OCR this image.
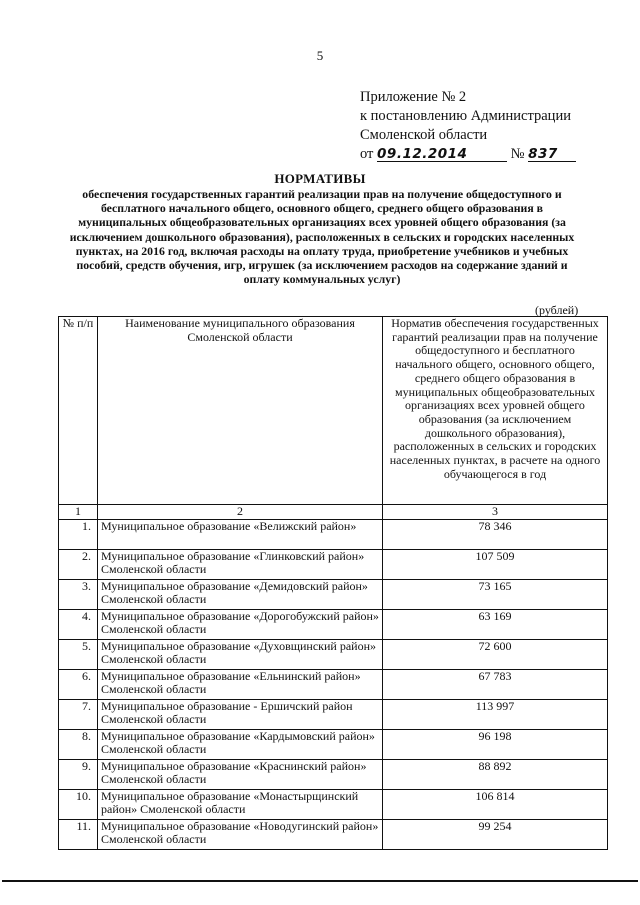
5
Приложение № 2
к постановлению Администрации
Смоленской области
от 09.12.2014	№ 837
НОРМАТИВЫ
обеспечения государственных гарантий реализации прав на получение общедоступного и бесплатного начального общего, основного общего, среднего общего образования в муниципальных общеобразовательных организациях всех уровней общего образования (за исключением дошкольного образования), расположенных в сельских и городских населенных пунктах, на 2016 год, включая расходы на оплату труда, приобретение учебников и учебных пособий, средств обучения, игр, игрушек (за исключением расходов на содержание зданий и оплату коммунальных услуг)
(рублей)
№ п/п	Наименование муниципального образования Смоленской области	Норматив обеспечения государственных гарантий реализации прав на получение общедоступного и бесплатного начального общего, основного общего, среднего общего образования в муниципальных общеобразовательных организациях всех уровней общего образования (за исключением дошкольного образования), расположенных в сельских и городских населенных пунктах, в расчете на одного обучающегося в год
1	2	3
1.	Муниципальное образование «Велижский район»	78 346
2.	Муниципальное образование «Глинковский район» Смоленской области	107 509
3.	Муниципальное образование «Демидовский район» Смоленской области	73 165
4.	Муниципальное образование «Дорогобужский район» Смоленской области	63 169
5.	Муниципальное образование «Духовщинский район» Смоленской области	72 600
6.	Муниципальное образование «Ельнинский район» Смоленской области	67 783
7.	Муниципальное образование - Ершичский район Смоленской области	113 997
8.	Муниципальное образование «Кардымовский район» Смоленской области	96 198
9.	Муниципальное образование «Краснинский район» Смоленской области	88 892
10.	Муниципальное образование «Монастырщинский район» Смоленской области	106 814
11.	Муниципальное образование «Новодугинский район» Смоленской области	99 254
